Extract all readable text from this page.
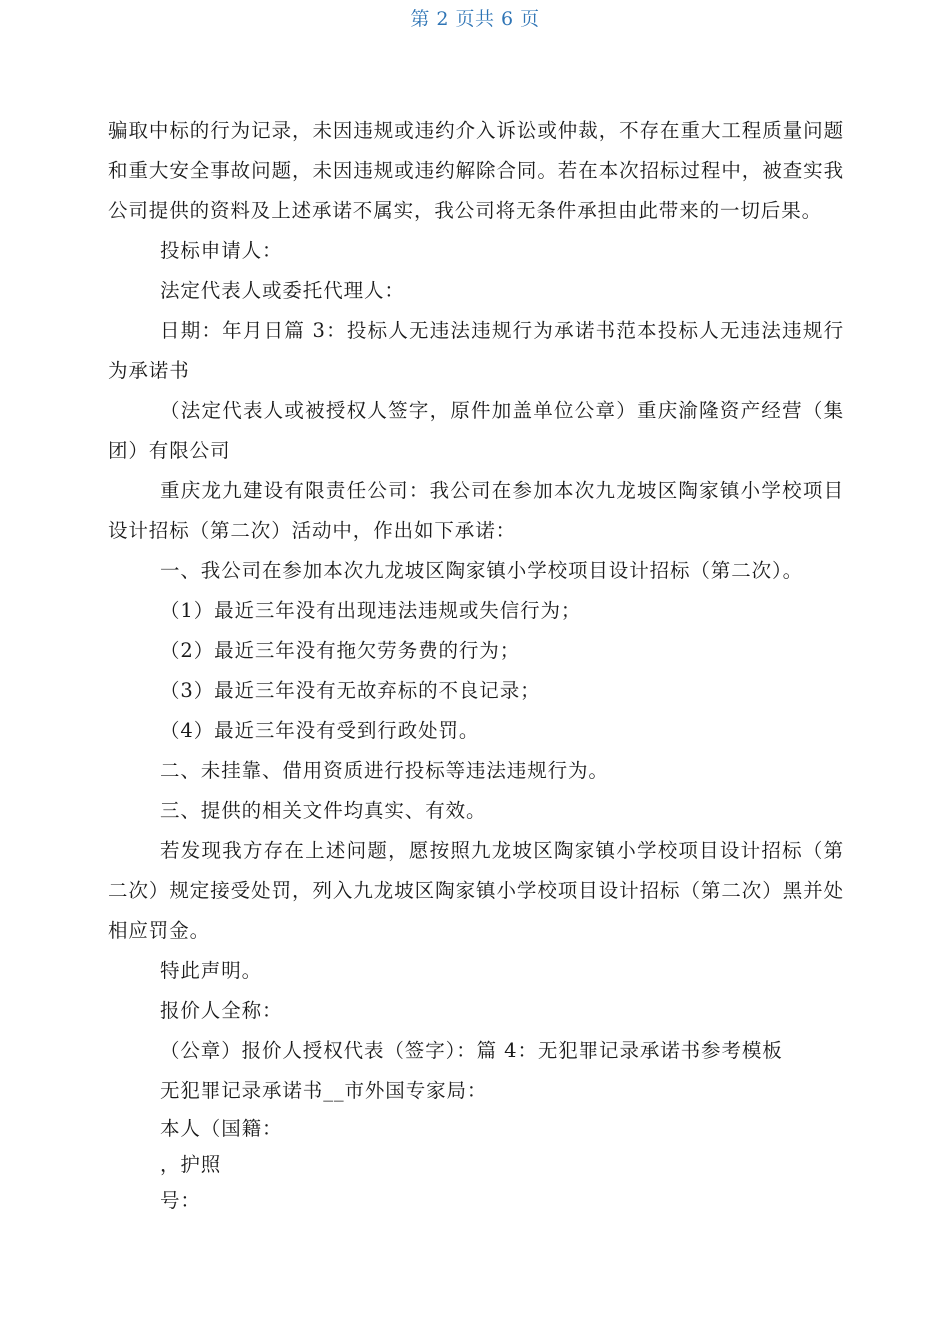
第 2 页共 6 页

骗取中标的行为记录，未因违规或违约介入诉讼或仲裁，不存在重大工程质量问题和重大安全事故问题，未因违规或违约解除合同。若在本次招标过程中，被查实我公司提供的资料及上述承诺不属实，我公司将无条件承担由此带来的一切后果。

投标申请人：

法定代表人或委托代理人：

日期：年月日篇 3：投标人无违法违规行为承诺书范本投标人无违法违规行为承诺书

（法定代表人或被授权人签字，原件加盖单位公章）重庆渝隆资产经营（集团）有限公司

重庆龙九建设有限责任公司：我公司在参加本次九龙坡区陶家镇小学校项目设计招标（第二次）活动中，作出如下承诺：

一、我公司在参加本次九龙坡区陶家镇小学校项目设计招标（第二次）。

（1）最近三年没有出现违法违规或失信行为；

（2）最近三年没有拖欠劳务费的行为；

（3）最近三年没有无故弃标的不良记录；

（4）最近三年没有受到行政处罚。

二、未挂靠、借用资质进行投标等违法违规行为。

三、提供的相关文件均真实、有效。

若发现我方存在上述问题，愿按照九龙坡区陶家镇小学校项目设计招标（第二次）规定接受处罚，列入九龙坡区陶家镇小学校项目设计招标（第二次）黑并处相应罚金。

特此声明。

报价人全称：

（公章）报价人授权代表（签字）：篇 4：无犯罪记录承诺书参考模板

无犯罪记录承诺书__市外国专家局：

本人（国籍：

，护照

号：
